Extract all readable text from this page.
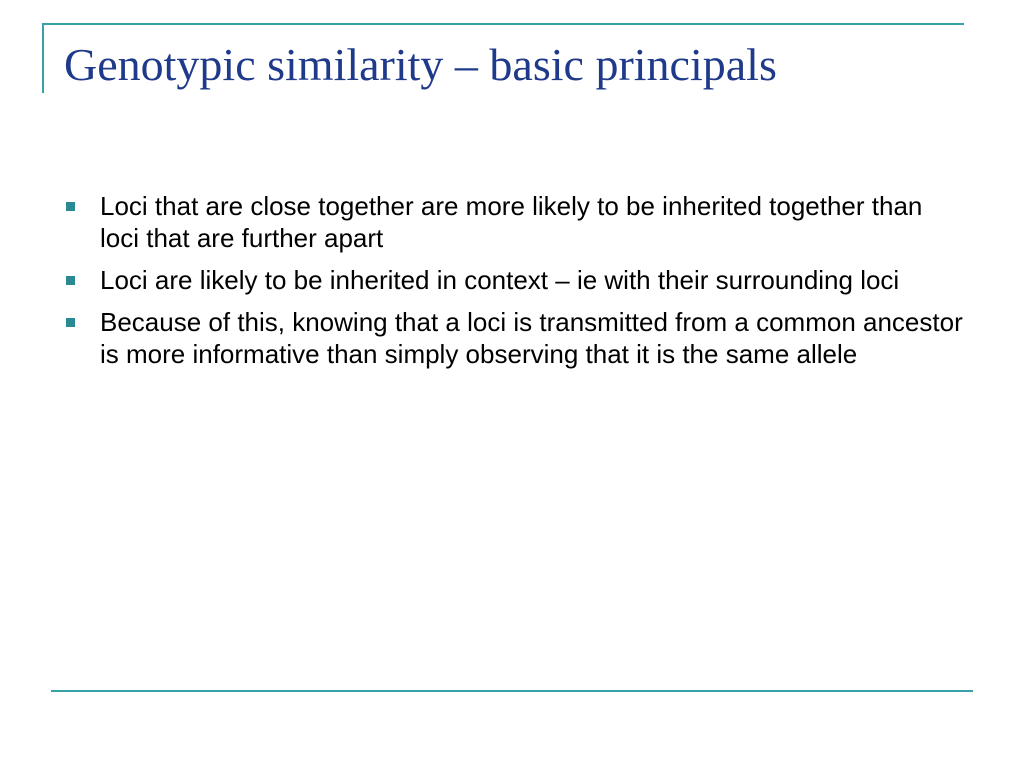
Genotypic similarity – basic principals
Loci that are close together are more likely to be inherited together than loci that are further apart
Loci are likely to be inherited in context – ie with their surrounding loci
Because of this, knowing that a loci is transmitted from a common ancestor is more informative than simply observing that it is the same allele
